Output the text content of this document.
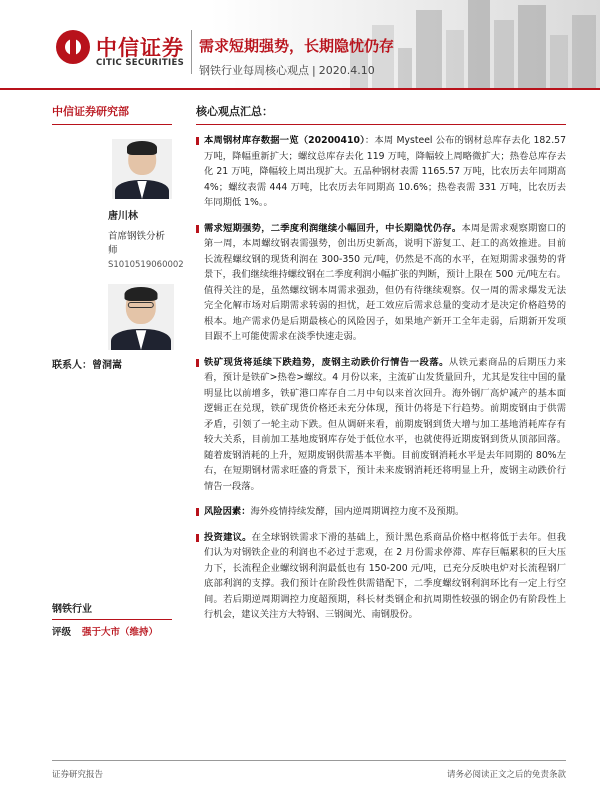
中信证券
CITIC SECURITIES
需求短期强势，长期隐忧仍存
钢铁行业每周核心观点 | 2020.4.10
中信证券研究部
唐川林
首席钢铁分析师
S1010519060002
联系人：曾洞嵩
钢铁行业
评级 强于大市（维持）
核心观点汇总：

本周钢材库存数据一览（20200410）：本周 Mysteel 公布的钢材总库存去化 182.57 万吨，降幅重新扩大；螺纹总库存去化 119 万吨，降幅较上周略微扩大；热卷总库存去化 21 万吨，降幅较上周出现扩大。五品种钢材表需 1165.57 万吨，比农历去年同期高 4%；螺纹表需 444 万吨，比农历去年同期高 10.6%；热卷表需 331 万吨，比农历去年同期低 1%。。

需求短期强势，二季度利润继续小幅回升，中长期隐忧仍存。本周是需求观察期窗口的第一周，本周螺纹钢表需强势，创出历史新高，说明下游复工、赶工的高效推进。目前长流程螺纹钢的现货利润在 300-350 元/吨，仍然是不高的水平，在短期需求强势的背景下，我们继续维持螺纹钢在二季度利润小幅扩张的判断，预计上限在 500 元/吨左右。值得关注的是，虽然螺纹钢本周需求强劲，但仍有待继续观察。仅一周的需求爆发无法完全化解市场对后期需求转弱的担忧，赶工效应后需求总量的变动才是决定价格趋势的根本。地产需求仍是后期最核心的风险因子，如果地产新开工全年走弱，后期新开发项目跟不上可能使需求在淡季快速走弱。

铁矿现货将延续下跌趋势，废钢主动跌价行情告一段落。从铁元素商品的后期压力来看，预计是铁矿>热卷>螺纹。4 月份以来，主流矿山发货量回升，尤其是发往中国的量明显比以前增多，铁矿港口库存自二月中旬以来首次回升。海外钢厂高炉减产的基本面逻辑正在兑现，铁矿现货价格还未充分体现，预计仍将是下行趋势。前期废钢由于供需矛盾，引领了一轮主动下跌。但从调研来看，前期废钢到货大增与加工基地消耗库存有较大关系，目前加工基地废钢库存处于低位水平，也就使得近期废钢到货从顶部回落。随着废钢消耗的上升，短期废钢供需基本平衡。目前废钢消耗水平是去年同期的 80%左右，在短期钢材需求旺盛的背景下，预计未来废钢消耗还将明显上升，废钢主动跌价行情告一段落。

风险因素：海外疫情持续发酵，国内逆周期调控力度不及预期。

投资建议。在全球钢铁需求下滑的基础上，预计黑色系商品价格中枢将低于去年。但我们认为对钢铁企业的利润也不必过于悲观，在 2 月份需求停滞、库存巨幅累积的巨大压力下，长流程企业螺纹钢利润最低也有 150-200 元/吨，已充分反映电炉对长流程钢厂底部利润的支撑。我们预计在阶段性供需错配下，二季度螺纹钢利润环比有一定上行空间。若后期逆周期调控力度超预期，科长材类钢企和抗周期性较强的钢企仍有阶段性上行机会，建议关注方大特钢、三钢闽光、南钢股份。

证券研究报告	请务必阅读正文之后的免责条款
